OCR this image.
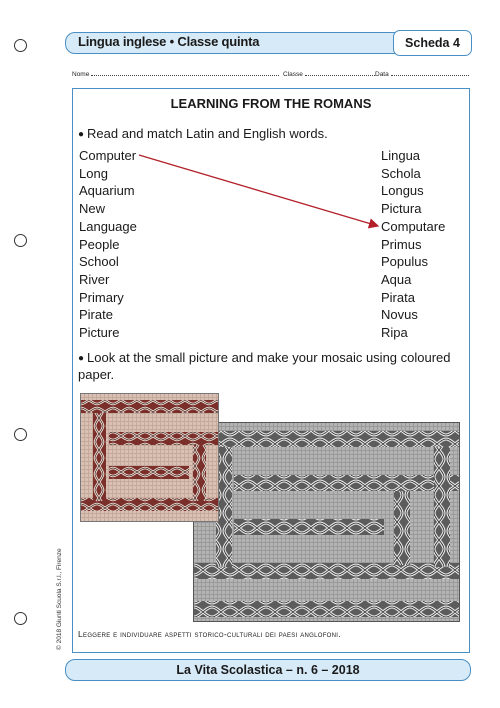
Lingua inglese • Classe quinta	Scheda 4
Nome	Classe	Data
LEARNING FROM THE ROMANS
● Read and match Latin and English words.
Computer
Long
Aquarium
New
Language
People
School
River
Primary
Pirate
Picture
Lingua
Schola
Longus
Pictura
Computare
Primus
Populus
Aqua
Pirata
Novus
Ripa
● Look at the small picture and make your mosaic using coloured
paper.
Leggere e individuare aspetti storico-culturali dei paesi anglofoni.
© 2018 Giunti Scuola S.r.l., Firenze
La Vita Scolastica – n. 6 – 2018
